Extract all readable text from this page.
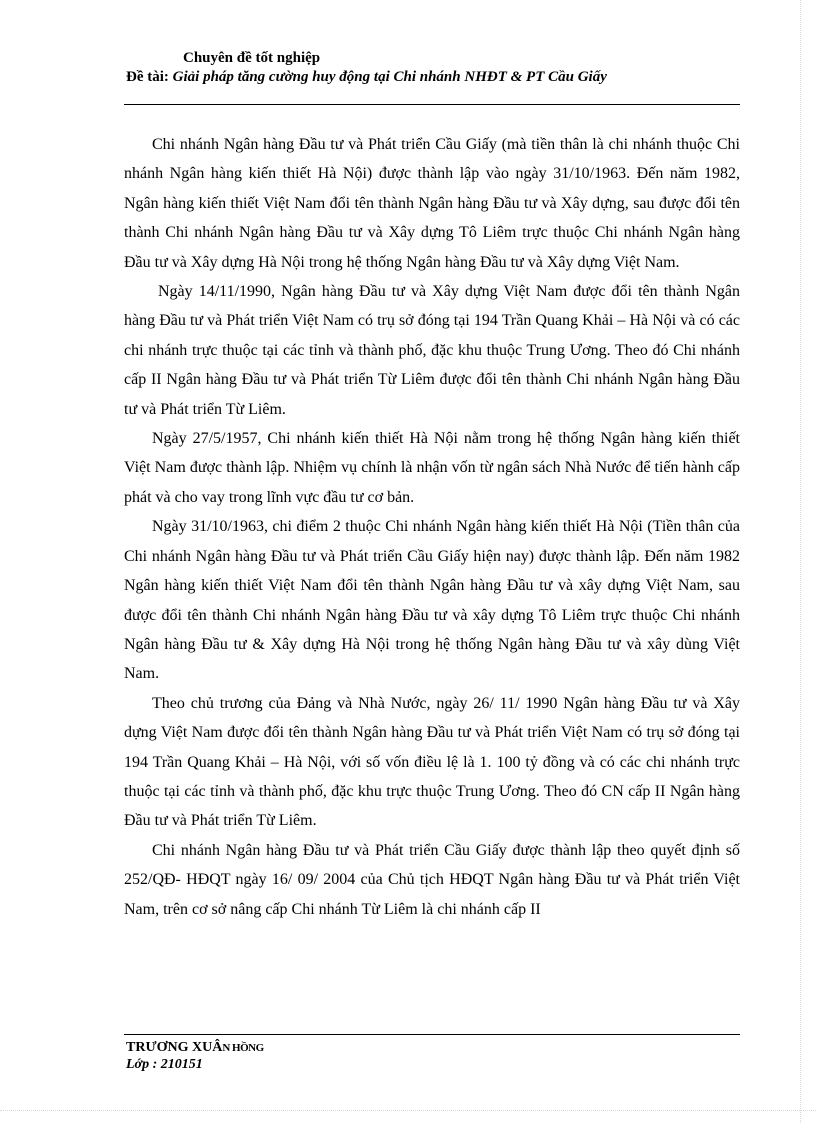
Chuyên đề tốt nghiệp
Đề tài: Giải pháp tăng cường huy động tại Chi nhánh NHĐT & PT Cầu Giấy

Chi nhánh Ngân hàng Đầu tư và Phát triển Cầu Giấy (mà tiền thân là chi nhánh thuộc Chi nhánh Ngân hàng kiến thiết Hà Nội) được thành lập vào ngày 31/10/1963. Đến năm 1982, Ngân hàng kiến thiết Việt Nam đổi tên thành Ngân hàng Đầu tư và Xây dựng, sau được đổi tên thành Chi nhánh Ngân hàng Đầu tư và Xây dựng Tô Liêm trực thuộc Chi nhánh Ngân hàng Đầu tư và Xây dựng Hà Nội trong hệ thống Ngân hàng Đầu tư và Xây dựng Việt Nam.

Ngày 14/11/1990, Ngân hàng Đầu tư và Xây dựng Việt Nam được đổi tên thành Ngân hàng Đầu tư và Phát triển Việt Nam có trụ sở đóng tại 194 Trần Quang Khải – Hà Nội và có các chi nhánh trực thuộc tại các tỉnh và thành phố, đặc khu thuộc Trung Ương. Theo đó Chi nhánh cấp II Ngân hàng Đầu tư và Phát triển Từ Liêm được đổi tên thành Chi nhánh Ngân hàng Đầu tư và Phát triển Từ Liêm.

Ngày 27/5/1957, Chi nhánh kiến thiết Hà Nội nằm trong hệ thống Ngân hàng kiến thiết Việt Nam được thành lập. Nhiệm vụ chính là nhận vốn từ ngân sách Nhà Nước để tiến hành cấp phát và cho vay trong lĩnh vực đầu tư cơ bản.

Ngày 31/10/1963, chi điểm 2 thuộc Chi nhánh Ngân hàng kiến thiết Hà Nội (Tiền thân của Chi nhánh Ngân hàng Đầu tư và Phát triển Cầu Giấy hiện nay) được thành lập. Đến năm 1982 Ngân hàng kiến thiết Việt Nam đổi tên thành Ngân hàng Đầu tư và xây dựng Việt Nam, sau được đổi tên thành Chi nhánh Ngân hàng Đầu tư và xây dựng Tô Liêm trực thuộc Chi nhánh Ngân hàng Đầu tư & Xây dựng Hà Nội trong hệ thống Ngân hàng Đầu tư và xây dùng Việt Nam.

Theo chủ trương của Đảng và Nhà Nước, ngày 26/ 11/ 1990 Ngân hàng Đầu tư và Xây dựng Việt Nam được đổi tên thành Ngân hàng Đầu tư và Phát triển Việt Nam có trụ sở đóng tại 194 Trần Quang Khải – Hà Nội, với số vốn điều lệ là 1. 100 tỷ đồng và có các chi nhánh trực thuộc tại các tỉnh và thành phố, đặc khu trực thuộc Trung Ương. Theo đó CN cấp II Ngân hàng Đầu tư và Phát triển Từ Liêm.

Chi nhánh Ngân hàng Đầu tư và Phát triển Cầu Giấy được thành lập theo quyết định số 252/QĐ- HĐQT ngày 16/ 09/ 2004 của Chủ tịch HĐQT Ngân hàng Đầu tư và Phát triển Việt Nam, trên cơ sở nâng cấp Chi nhánh Từ Liêm là chi nhánh cấp II

TRƯƠNG XUÂN HỒNG
Lớp : 210151
